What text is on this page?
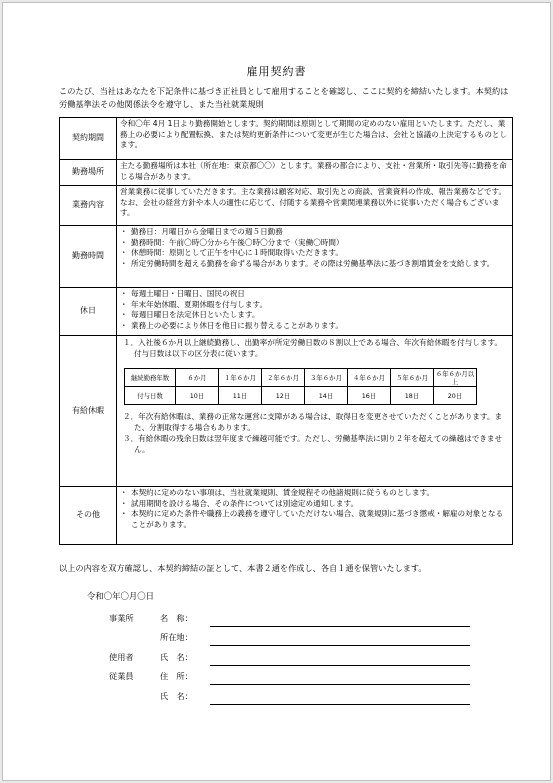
雇用契約書

このたび、当社はあなたを下記条件に基づき正社員として雇用することを確認し、ここに契約を締結いたします。本契約は労働基準法その他関係法令を遵守し、また当社就業規則

契約期間	令和〇年 4月 1日より勤務開始とします。契約期間は原則として期間の定めのない雇用といたします。ただし、業務上の必要により配置転換、または契約更新条件について変更が生じた場合は、会社と協議の上決定するものとします。
勤務場所	主たる勤務場所は本社（所在地：東京都〇〇）とします。業務の都合により、支社・営業所・取引先等に勤務を命じる場合があります。
業務内容	営業業務に従事していただきます。主な業務は顧客対応、取引先との商談、営業資料の作成、報告業務などです。なお、会社の経営方針や本人の適性に応じて、付随する業務や営業関連業務以外に従事いただく場合もございます。
勤務時間	
・ 勤務日：月曜日から金曜日までの週５日勤務
・ 勤務時間：午前〇時〇分から午後〇時〇分まで（実働〇時間）
・ 休憩時間：原則として正午を中心に１時間取得いただきます。
・ 所定労働時間を超える勤務を命ずる場合があります。その際は労働基準法に基づき割増賃金を支給します。

休日	
・ 毎週土曜日・日曜日、国民の祝日
・ 年末年始休暇、夏期休暇を付与します。
・ 毎週日曜日を法定休日といたします。
・ 業務上の必要により休日を他日に振り替えることがあります。

有給休暇	
１．入社後６か月以上継続勤務し、出勤率が所定労働日数の８割以上である場合、年次有給休暇を付与します。付与日数は以下の区分表に従います。
継続勤務年数	６か月	１年６か月	２年６か月	３年６か月	４年６か月	５年６か月	６年６か月以上
付与日数	10日	11日	12日	14日	16日	18日	20日
２．年次有給休暇は、業務の正常な運営に支障がある場合は、取得日を変更させていただくことがあります。また、分割取得する場合もあります。
３．有給休暇の残余日数は翌年度まで繰越可能です。ただし、労働基準法に則り２年を超えての繰越はできません。

その他	
・ 本契約に定めのない事項は、当社就業規則、賃金規程その他諸規則に従うものとします。
・ 試用期間を設ける場合、その条件については別途定め通知します。
・ 本契約に定めた条件や職務上の義務を遵守していただけない場合、就業規則に基づき懲戒・解雇の対象となることがあります。

以上の内容を双方確認し、本契約締結の証として、本書２通を作成し、各自１通を保管いたします。

令和〇年〇月〇日
事業所	名　称：
所在地：
使用者	氏　名：
従業員	住　所：
氏　名：
